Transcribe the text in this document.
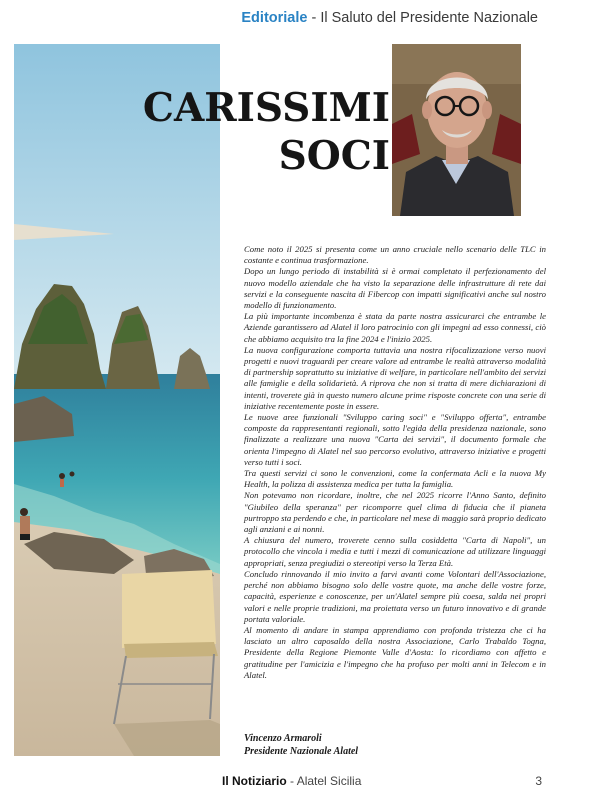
Editoriale - Il Saluto del Presidente Nazionale
CARISSIMI
SOCI

Come noto il 2025 si presenta come un anno cruciale nello scenario delle TLC in costante e continua trasformazione.

Dopo un lungo periodo di instabilità si è ormai completato il perfezionamento del nuovo modello aziendale che ha visto la separazione delle infrastrutture di rete dai servizi e la conseguente nascita di Fibercop con impatti significativi anche sul nostro modello di funzionamento.

La più importante incombenza è stata da parte nostra assicurarci che entrambe le Aziende garantissero ad Alatel il loro patrocinio con gli impegni ad esso connessi, ciò che abbiamo acquisito tra la fine 2024 e l'inizio 2025.

La nuova configurazione comporta tuttavia una nostra rifocalizzazione verso nuovi progetti e nuovi traguardi per creare valore ad entrambe le realtà attraverso modalità di partnership soprattutto su iniziative di welfare, in particolare nell'ambito dei servizi alle famiglie e della solidarietà. A riprova che non si tratta di mere dichiarazioni di intenti, troverete già in questo numero alcune prime risposte concrete con una serie di iniziative recentemente poste in essere.

Le nuove aree funzionali "Sviluppo caring soci" e "Sviluppo offerta", entrambe composte da rappresentanti regionali, sotto l'egida della presidenza nazionale, sono finalizzate a realizzare una nuova "Carta dei servizi", il documento formale che orienta l'impegno di Alatel nel suo percorso evolutivo, attraverso iniziative e progetti verso tutti i soci.

Tra questi servizi ci sono le convenzioni, come la confermata Acli e la nuova My Health, la polizza di assistenza medica per tutta la famiglia.

Non potevamo non ricordare, inoltre, che nel 2025 ricorre l'Anno Santo, definito "Giubileo della speranza" per ricomporre quel clima di fiducia che il pianeta purtroppo sta perdendo e che, in particolare nel mese di maggio sarà proprio dedicato agli anziani e ai nonni.

A chiusura del numero, troverete cenno sulla cosiddetta "Carta di Napoli", un protocollo che vincola i media e tutti i mezzi di comunicazione ad utilizzare linguaggi appropriati, senza pregiudizi o stereotipi verso la Terza Età.

Concludo rinnovando il mio invito a farvi avanti come Volontari dell'Associazione, perché non abbiamo bisogno solo delle vostre quote, ma anche delle vostre forze, capacità, esperienze e conoscenze, per un'Alatel sempre più coesa, salda nei propri valori e nelle proprie tradizioni, ma proiettata verso un futuro innovativo e di grande portata valoriale.

Al momento di andare in stampa apprendiamo con profonda tristezza che ci ha lasciato un altro caposaldo della nostra Associazione, Carlo Trabaldo Togna, Presidente della Regione Piemonte Valle d'Aosta: lo ricordiamo con affetto e gratitudine per l'amicizia e l'impegno che ha profuso per molti anni in Telecom e in Alatel.

Vincenzo Armaroli
Presidente Nazionale Alatel
Il Notiziario - Alatel Sicilia	3
